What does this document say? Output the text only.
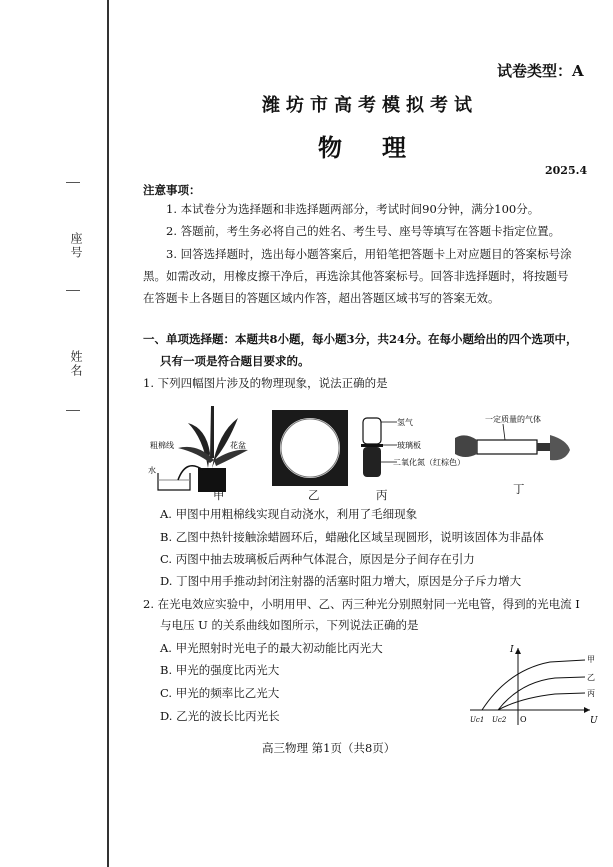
座号
姓名
试卷类型：A
潍坊市高考模拟考试
物理
2025.4
注意事项：
1. 本试卷分为选择题和非选择题两部分，考试时间90分钟，满分100分。
2. 答题前，考生务必将自己的姓名、考生号、座号等填写在答题卡指定位置。
3. 回答选择题时，选出每小题答案后，用铅笔把答题卡上对应题目的答案标号涂
黑。如需改动，用橡皮擦干净后，再选涂其他答案标号。回答非选择题时，将按题号
在答题卡上各题目的答题区域内作答，超出答题区域书写的答案无效。
一、单项选择题：本题共8小题，每小题3分，共24分。在每小题给出的四个选项中，
只有一项是符合题目要求的。
1. 下列四幅图片涉及的物理现象，说法正确的是
粗棉线	花盆
水
甲	乙
氢气
玻璃板
二氧化氮（红棕色）
丙
一定质量的气体
丁
A. 甲图中用粗棉线实现自动浇水，利用了毛细现象
B. 乙图中热针接触涂蜡圆环后，蜡融化区域呈现圆形，说明该固体为非晶体
C. 丙图中抽去玻璃板后两种气体混合，原因是分子间存在引力
D. 丁图中用手推动封闭注射器的活塞时阻力增大，原因是分子斥力增大
2. 在光电效应实验中，小明用甲、乙、丙三种光分别照射同一光电管，得到的光电流 I
与电压 U 的关系曲线如图所示，下列说法正确的是
A. 甲光照射时光电子的最大初动能比丙光大
B. 甲光的强度比丙光大
C. 甲光的频率比乙光大
D. 乙光的波长比丙光长
I
U
O
甲
乙
丙
Uc1 Uc2
高三物理 第1页（共8页）
